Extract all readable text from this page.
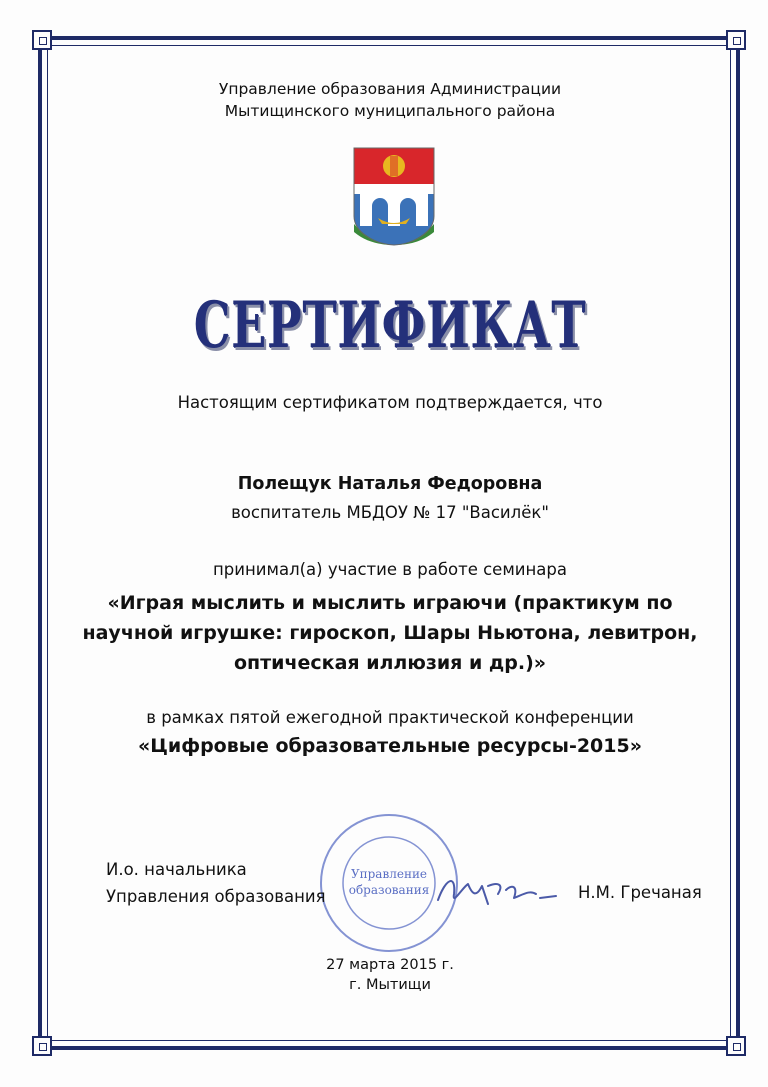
Управление образования Администрации
Мытищинского муниципального района
СЕРТИФИКАТ
Настоящим сертификатом подтверждается, что
Полещук Наталья Федоровна
воспитатель МБДОУ № 17 "Василёк"
принимал(а) участие в работе семинара
«Играя мыслить и мыслить играючи (практикум по
научной игрушке: гироскоп, Шары Ньютона, левитрон,
оптическая иллюзия и др.)»
в рамках пятой ежегодной практической конференции
«Цифровые образовательные ресурсы-2015»
Управление
образования
И.о. начальника
Управления образования	Н.М. Гречаная
27 марта 2015 г.
г. Мытищи
